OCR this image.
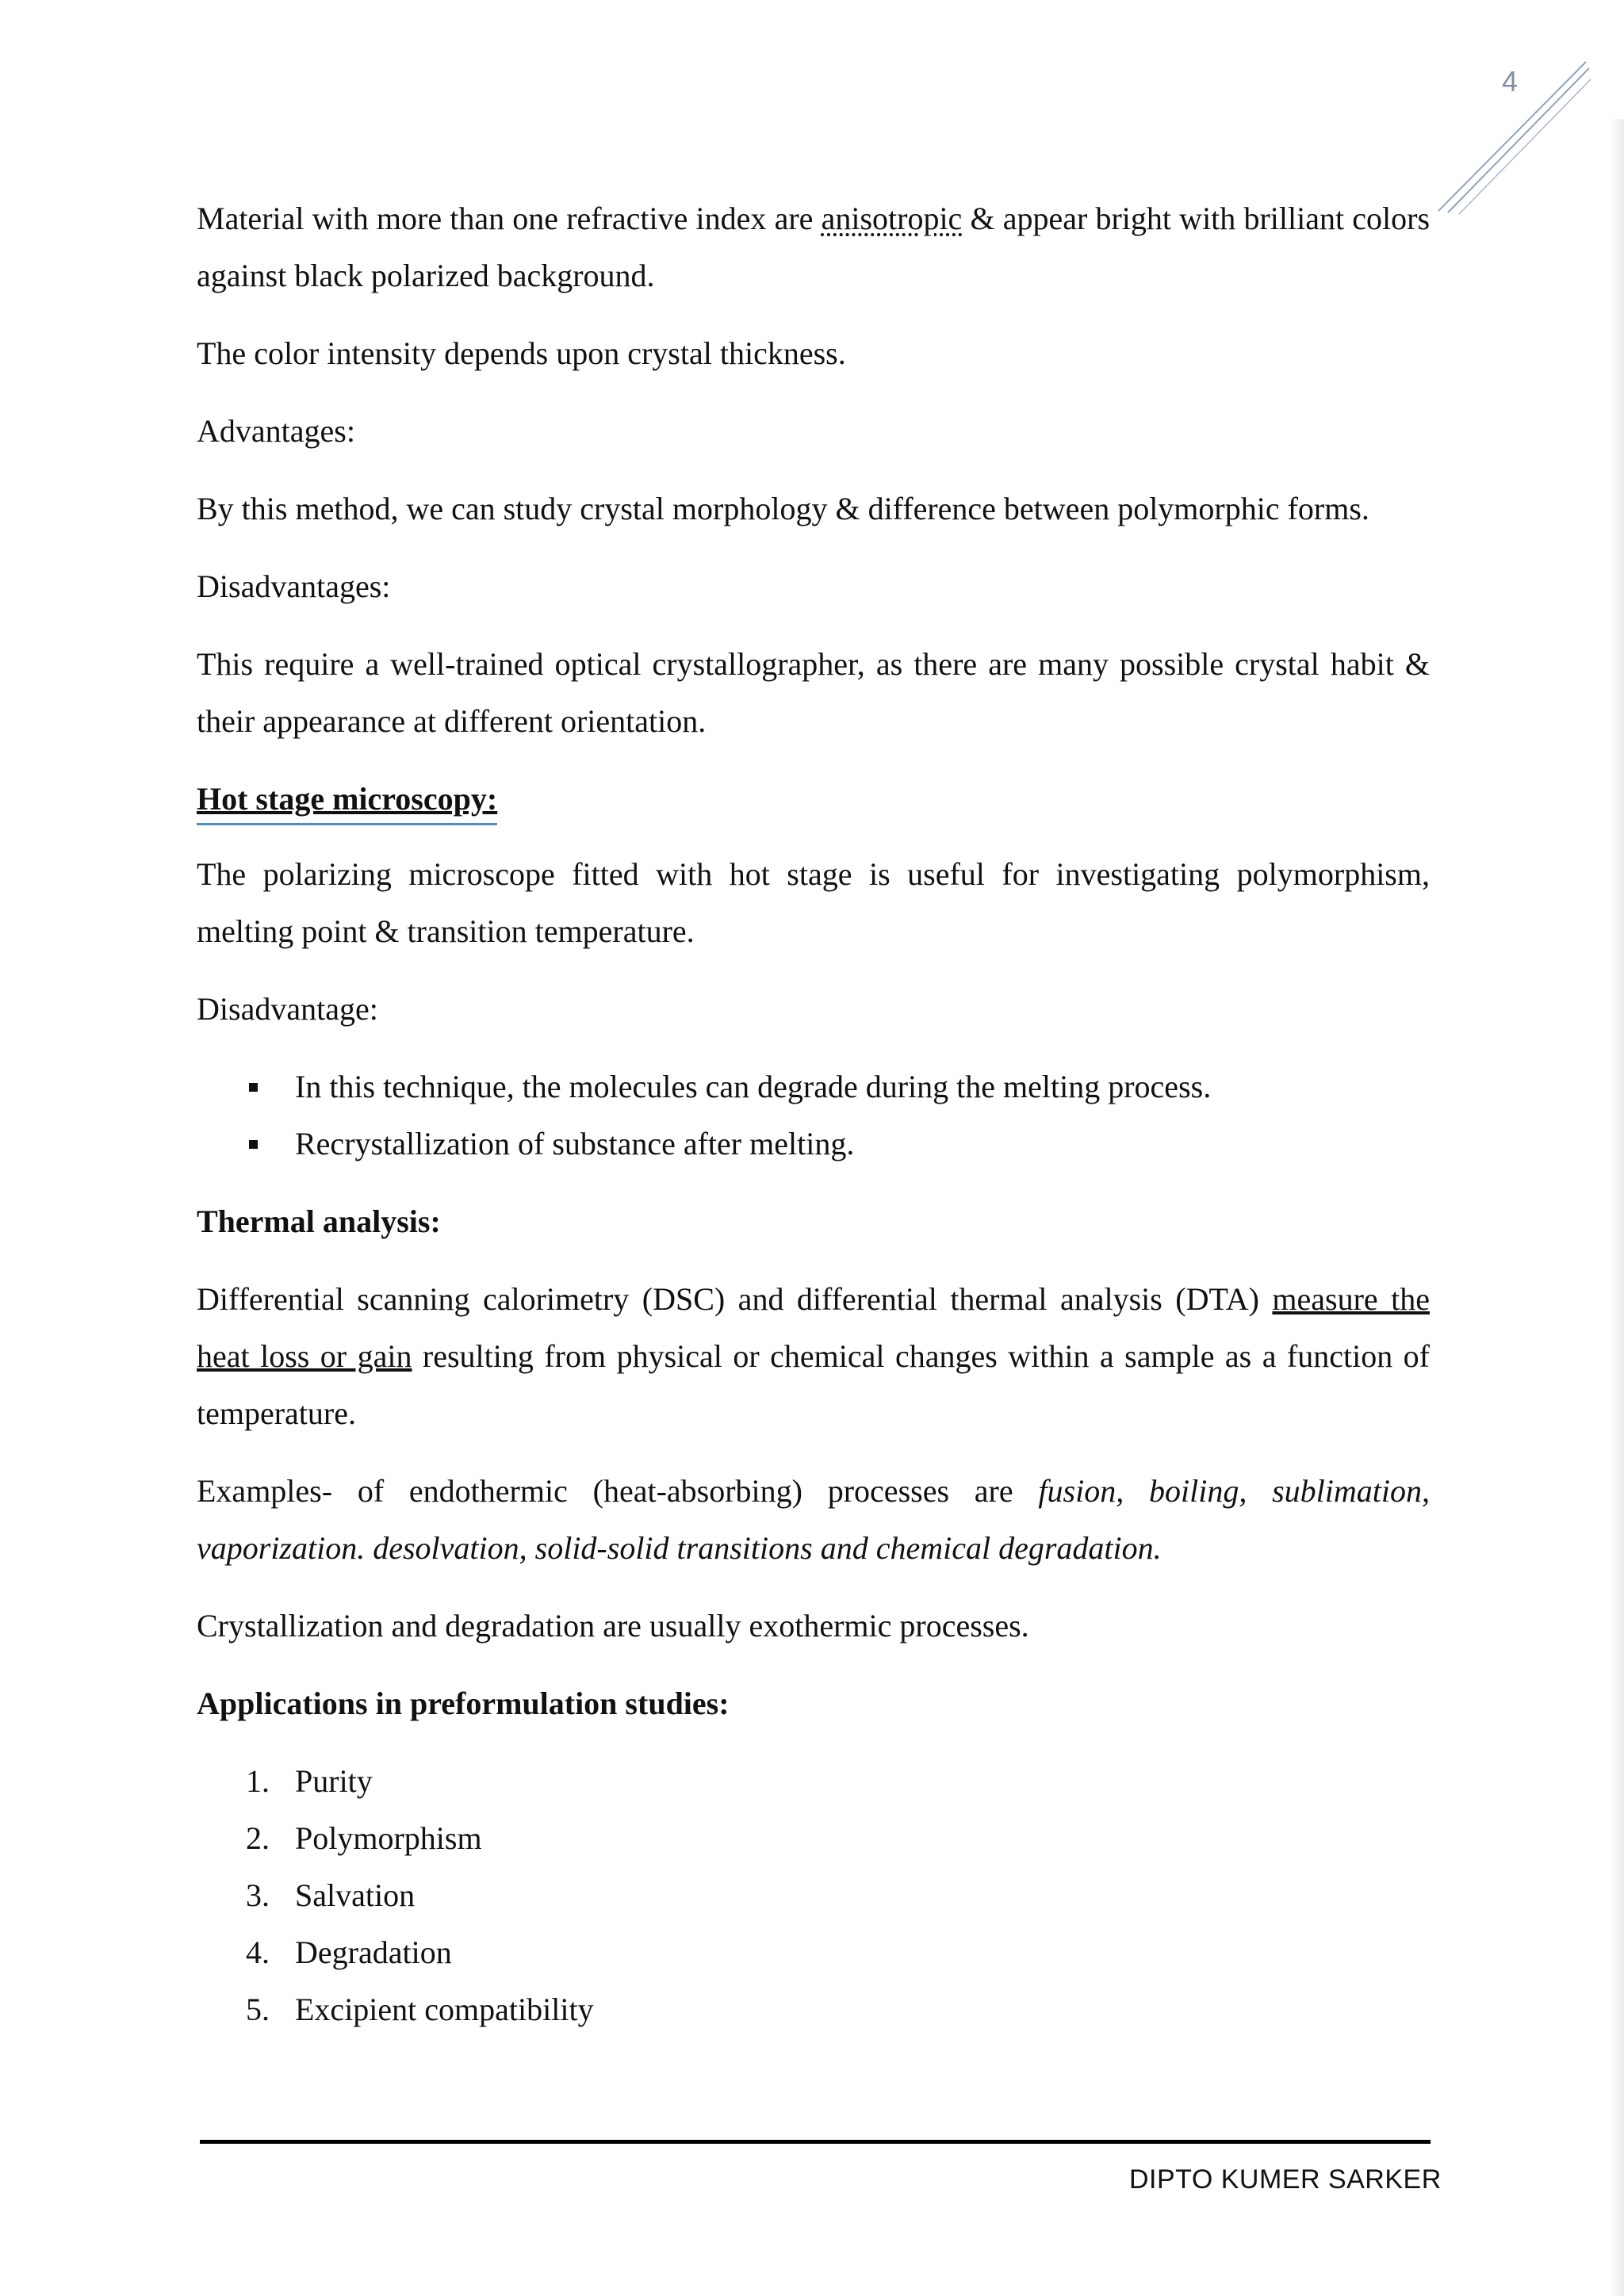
4

Material with more than one refractive index are anisotropic & appear bright with brilliant colors against black polarized background.

The color intensity depends upon crystal thickness.

Advantages:

By this method, we can study crystal morphology & difference between polymorphic forms.

Disadvantages:

This require a well-trained optical crystallographer, as there are many possible crystal habit & their appearance at different orientation.

Hot stage microscopy:

The polarizing microscope fitted with hot stage is useful for investigating polymorphism, melting point & transition temperature.

Disadvantage:

In this technique, the molecules can degrade during the melting process.
Recrystallization of substance after melting.

Thermal analysis:

Differential scanning calorimetry (DSC) and differential thermal analysis (DTA) measure the heat loss or gain resulting from physical or chemical changes within a sample as a function of temperature.

Examples- of endothermic (heat-absorbing) processes are fusion, boiling, sublimation, vaporization. desolvation, solid-solid transitions and chemical degradation.

Crystallization and degradation are usually exothermic processes.

Applications in preformulation studies:

1. Purity
2. Polymorphism
3. Salvation
4. Degradation
5. Excipient compatibility
DIPTO KUMER SARKER
